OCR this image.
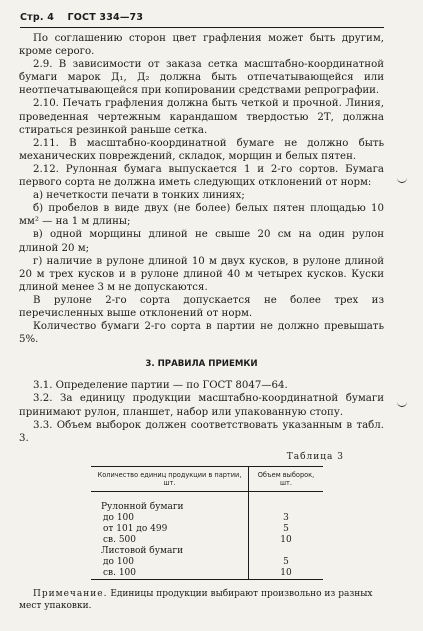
Стр. 4 ГОСТ 334—73

По соглашению сторон цвет графления может быть другим, кроме серого.

2.9. В зависимости от заказа сетка масштабно-координатной бумаги марок Д₁, Д₂ должна быть отпечатывающейся или неотпечатывающейся при копировании средствами репрографии.

2.10. Печать графления должна быть четкой и прочной. Линия, проведенная чертежным карандашом твердостью 2Т, должна стираться резинкой раньше сетка.

2.11. В масштабно-координатной бумаге не должно быть механических повреждений, складок, морщин и белых пятен.

2.12. Рулонная бумага выпускается 1 и 2-го сортов. Бумага первого сорта не должна иметь следующих отклонений от норм:

а) нечеткости печати в тонких линиях;

б) пробелов в виде двух (не более) белых пятен площадью 10 мм² — на 1 м длины;

в) одной морщины длиной не свыше 20 см на один рулон длиной 20 м;

г) наличие в рулоне длиной 10 м двух кусков, в рулоне длиной 20 м трех кусков и в рулоне длиной 40 м четырех кусков. Куски длиной менее 3 м не допускаются.

В рулоне 2-го сорта допускается не более трех из перечисленных выше отклонений от норм.

Количество бумаги 2-го сорта в партии не должно превышать 5%.

3. ПРАВИЛА ПРИЕМКИ

3.1. Определение партии — по ГОСТ 8047—64.

3.2. За единицу продукции масштабно-координатной бумаги принимают рулон, планшет, набор или упакованную стопу.

3.3. Объем выборок должен соответствовать указанным в табл. 3.

Таблица 3
Количество единиц продукции в партии, шт.	Объем выборок, шт.

Рулонной бумаги	
до 100	3
от 101 до 499	5
св. 500	10
Листовой бумаги	
до 100	5
св. 100	10
Примечание. Единицы продукции выбирают произвольно из разных мест упаковки.
